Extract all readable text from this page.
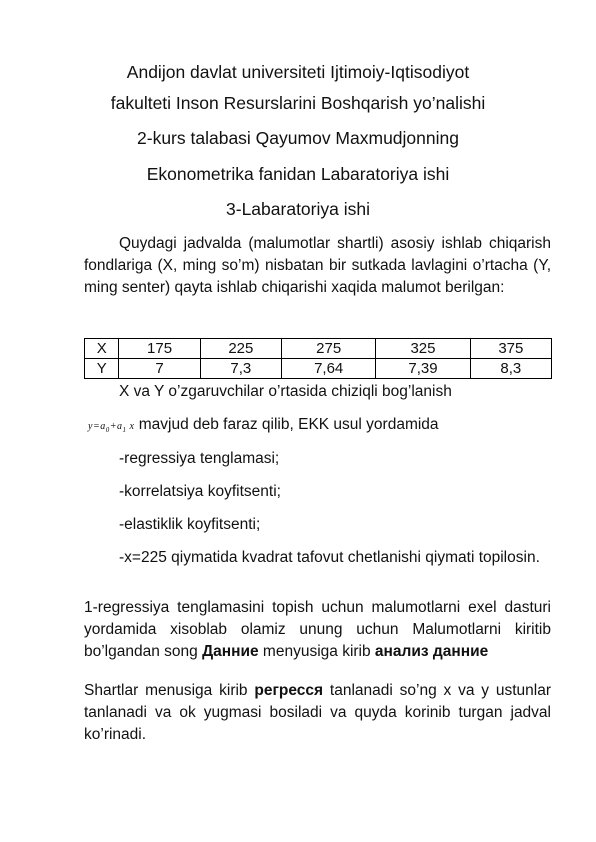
Andijon davlat universiteti Ijtimoiy-Iqtisodiyot
fakulteti Inson Resurslarini Boshqarish yo’nalishi
2-kurs talabasi Qayumov Maxmudjonning
Ekonometrika fanidan Labaratoriya ishi
3-Labaratoriya ishi
Quydagi jadvalda (malumotlar shartli) asosiy ishlab chiqarish fondlariga (X, ming so’m) nisbatan bir sutkada lavlagini o’rtacha (Y, ming senter) qayta ishlab chiqarishi xaqida malumot berilgan:
X	175	225	275	325	375
Y	7	7,3	7,64	7,39	8,3
X va Y o’zgaruvchilar o’rtasida chiziqli bog’lanish
$y=a_0+a_1$ x mavjud deb faraz qilib, EKK usul yordamida
-regressiya tenglamasi;
-korrelatsiya koyfitsenti;
-elastiklik koyfitsenti;
-x=225 qiymatida kvadrat tafovut chetlanishi qiymati topilosin.
1-regressiya tenglamasini topish uchun malumotlarni exel dasturi yordamida xisoblab olamiz unung uchun Malumotlarni kiritib bo’lgandan song Данние menyusiga kirib анализ данние
Shartlar menusiga kirib регресся tanlanadi so’ng x va y ustunlar tanlanadi va ok yugmasi bosiladi va quyda korinib turgan jadval ko’rinadi.
